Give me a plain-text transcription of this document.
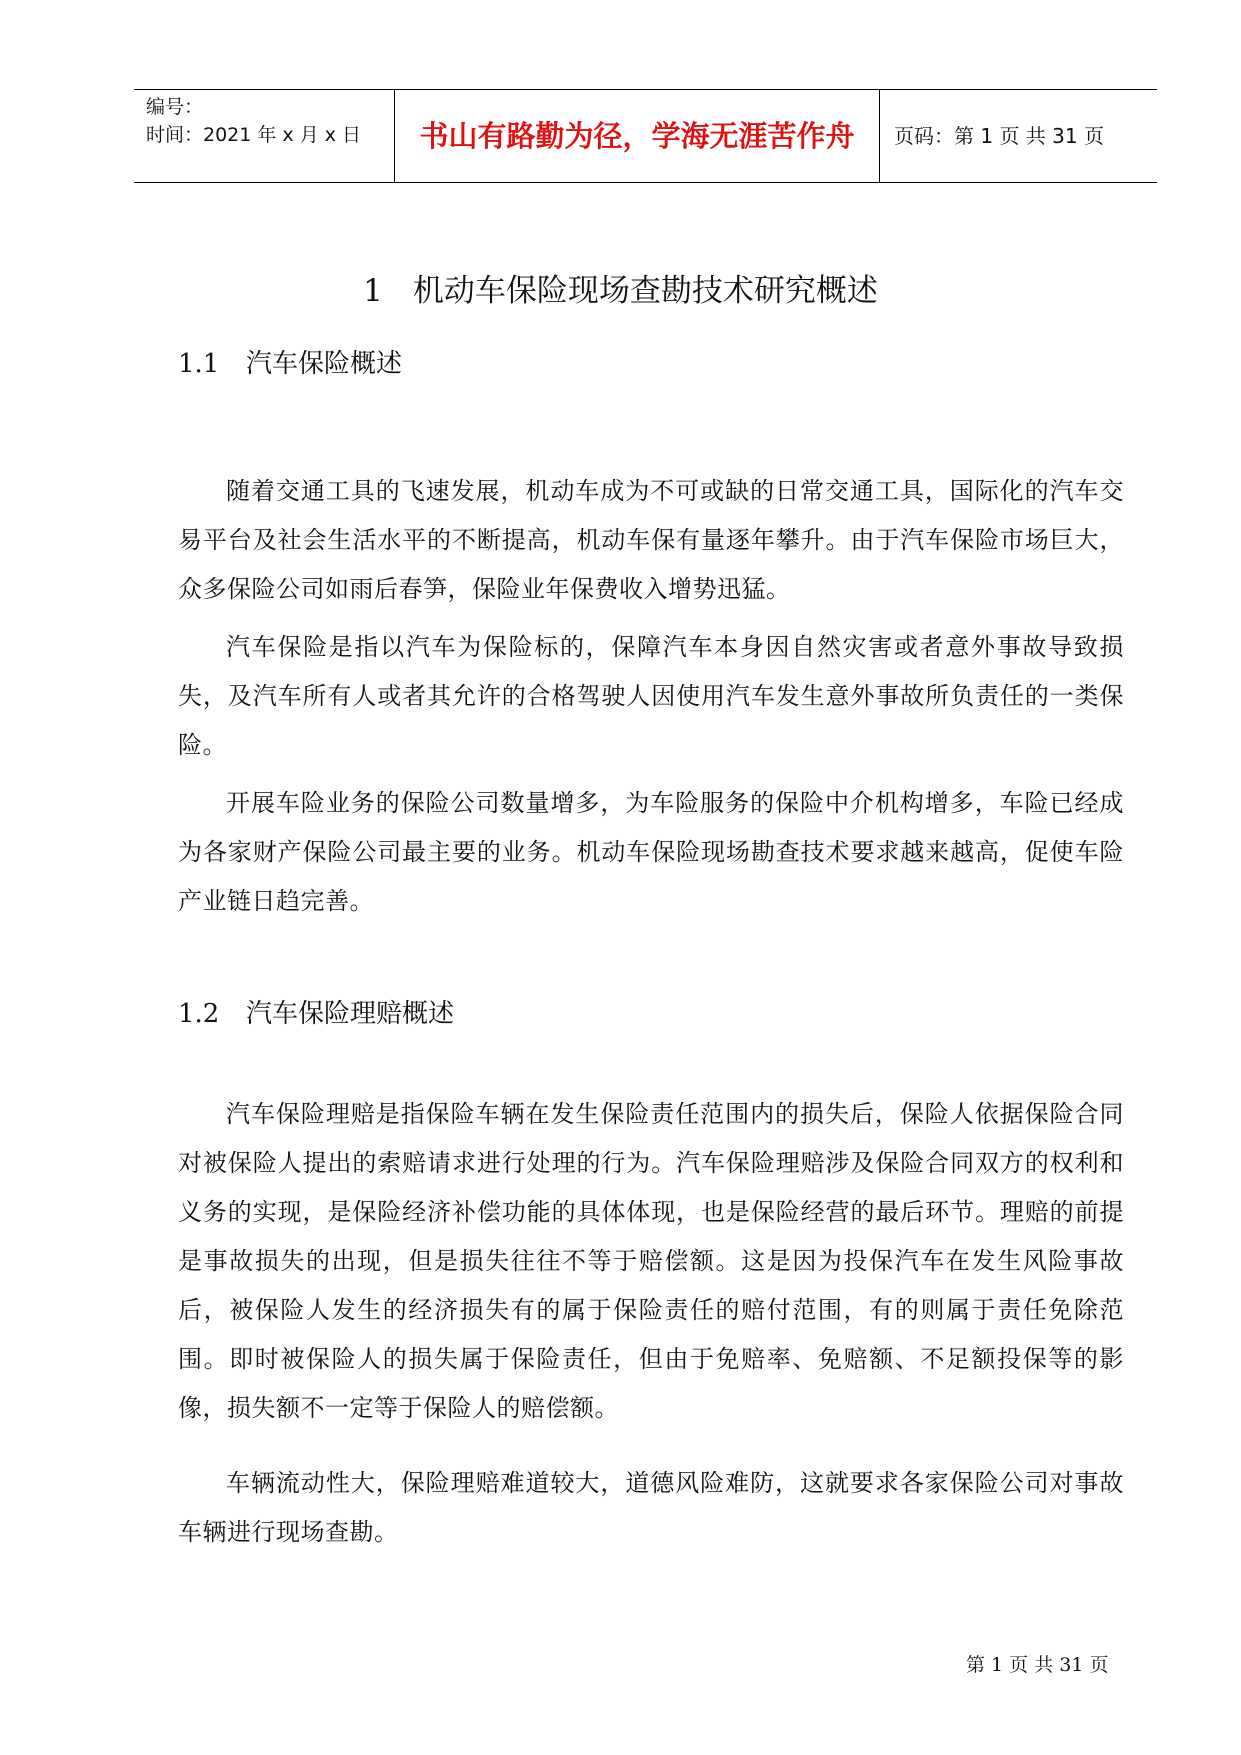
编号：
时间：2021 年 x 月 x 日	书山有路勤为径，学海无涯苦作舟	页码：第 1 页 共 31 页
1 机动车保险现场查勘技术研究概述
1.1 汽车保险概述

随着交通工具的飞速发展，机动车成为不可或缺的日常交通工具，国际化的汽车交易平台及社会生活水平的不断提高，机动车保有量逐年攀升。由于汽车保险市场巨大，众多保险公司如雨后春笋，保险业年保费收入增势迅猛。

汽车保险是指以汽车为保险标的，保障汽车本身因自然灾害或者意外事故导致损失，及汽车所有人或者其允许的合格驾驶人因使用汽车发生意外事故所负责任的一类保险。

开展车险业务的保险公司数量增多，为车险服务的保险中介机构增多，车险已经成为各家财产保险公司最主要的业务。机动车保险现场勘查技术要求越来越高，促使车险产业链日趋完善。

1.2 汽车保险理赔概述

汽车保险理赔是指保险车辆在发生保险责任范围内的损失后，保险人依据保险合同对被保险人提出的索赔请求进行处理的行为。汽车保险理赔涉及保险合同双方的权利和义务的实现，是保险经济补偿功能的具体体现，也是保险经营的最后环节。理赔的前提是事故损失的出现，但是损失往往不等于赔偿额。这是因为投保汽车在发生风险事故后，被保险人发生的经济损失有的属于保险责任的赔付范围，有的则属于责任免除范围。即时被保险人的损失属于保险责任，但由于免赔率、免赔额、不足额投保等的影像，损失额不一定等于保险人的赔偿额。

车辆流动性大，保险理赔难道较大，道德风险难防，这就要求各家保险公司对事故车辆进行现场查勘。

第 1 页 共 31 页
